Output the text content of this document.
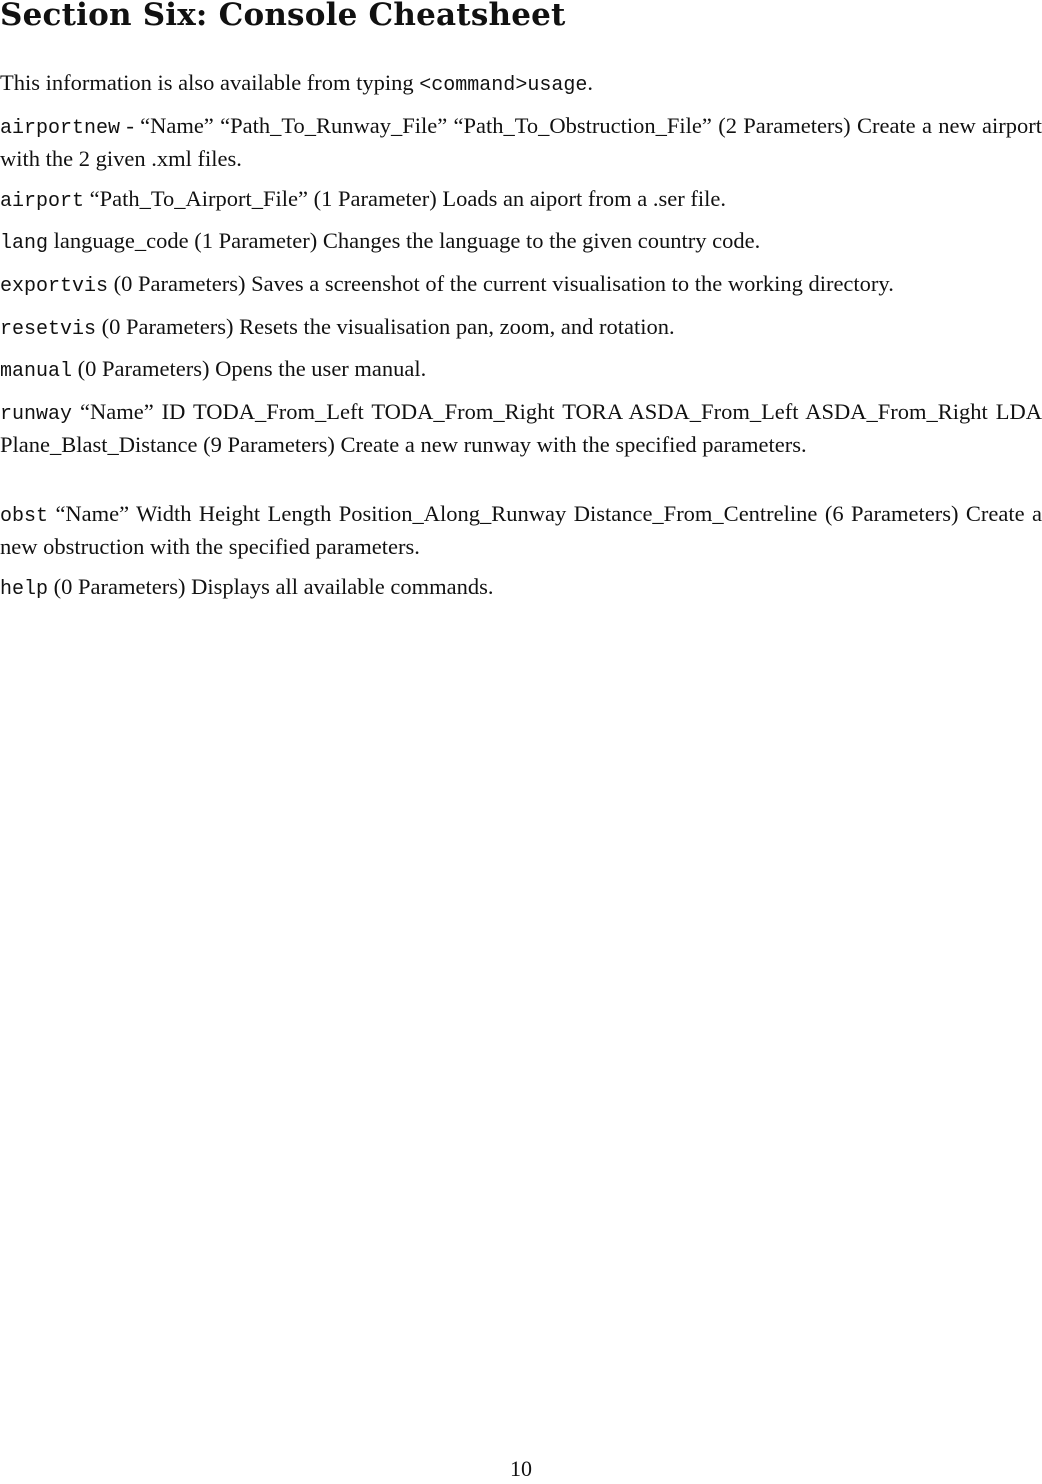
Section Six: Console Cheatsheet

This information is also available from typing <command>usage.

airportnew - “Name” “Path_To_Runway_File” “Path_To_Obstruction_File” (2 Parameters) Create a new airport with the 2 given .xml files.

airport “Path_To_Airport_File” (1 Parameter) Loads an aiport from a .ser file.

lang language_code (1 Parameter) Changes the language to the given country code.

exportvis (0 Parameters) Saves a screenshot of the current visualisation to the working directory.

resetvis (0 Parameters) Resets the visualisation pan, zoom, and rotation.

manual (0 Parameters) Opens the user manual.

runway “Name” ID TODA_From_Left TODA_From_Right TORA ASDA_From_Left ASDA_From_Right LDA Plane_Blast_Distance (9 Parameters) Create a new runway with the specified parameters.

obst “Name” Width Height Length Position_Along_Runway Distance_From_Centreline (6 Parameters) Create a new obstruction with the specified parameters.

help (0 Parameters) Displays all available commands.

10
